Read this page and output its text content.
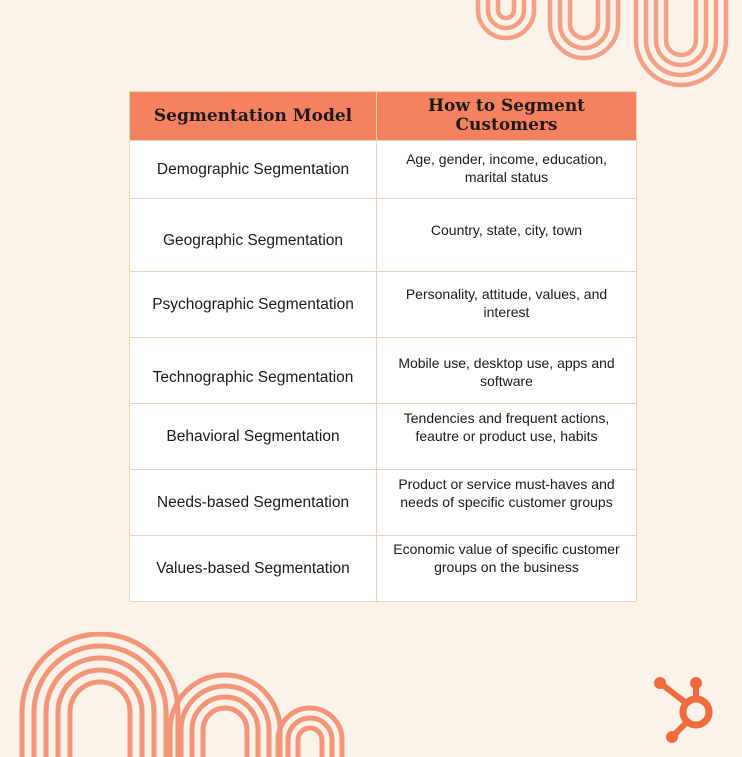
Segmentation Model	How to Segment Customers
Demographic Segmentation	Age, gender, income, education, marital status
Geographic Segmentation	Country, state, city, town
Psychographic Segmentation	Personality, attitude, values, and interest
Technographic Segmentation	Mobile use, desktop use, apps and software
Behavioral Segmentation	Tendencies and frequent actions, feautre or product use, habits
Needs-based Segmentation	Product or service must-haves and needs of specific customer groups
Values-based Segmentation	Economic value of specific customer groups on the business
